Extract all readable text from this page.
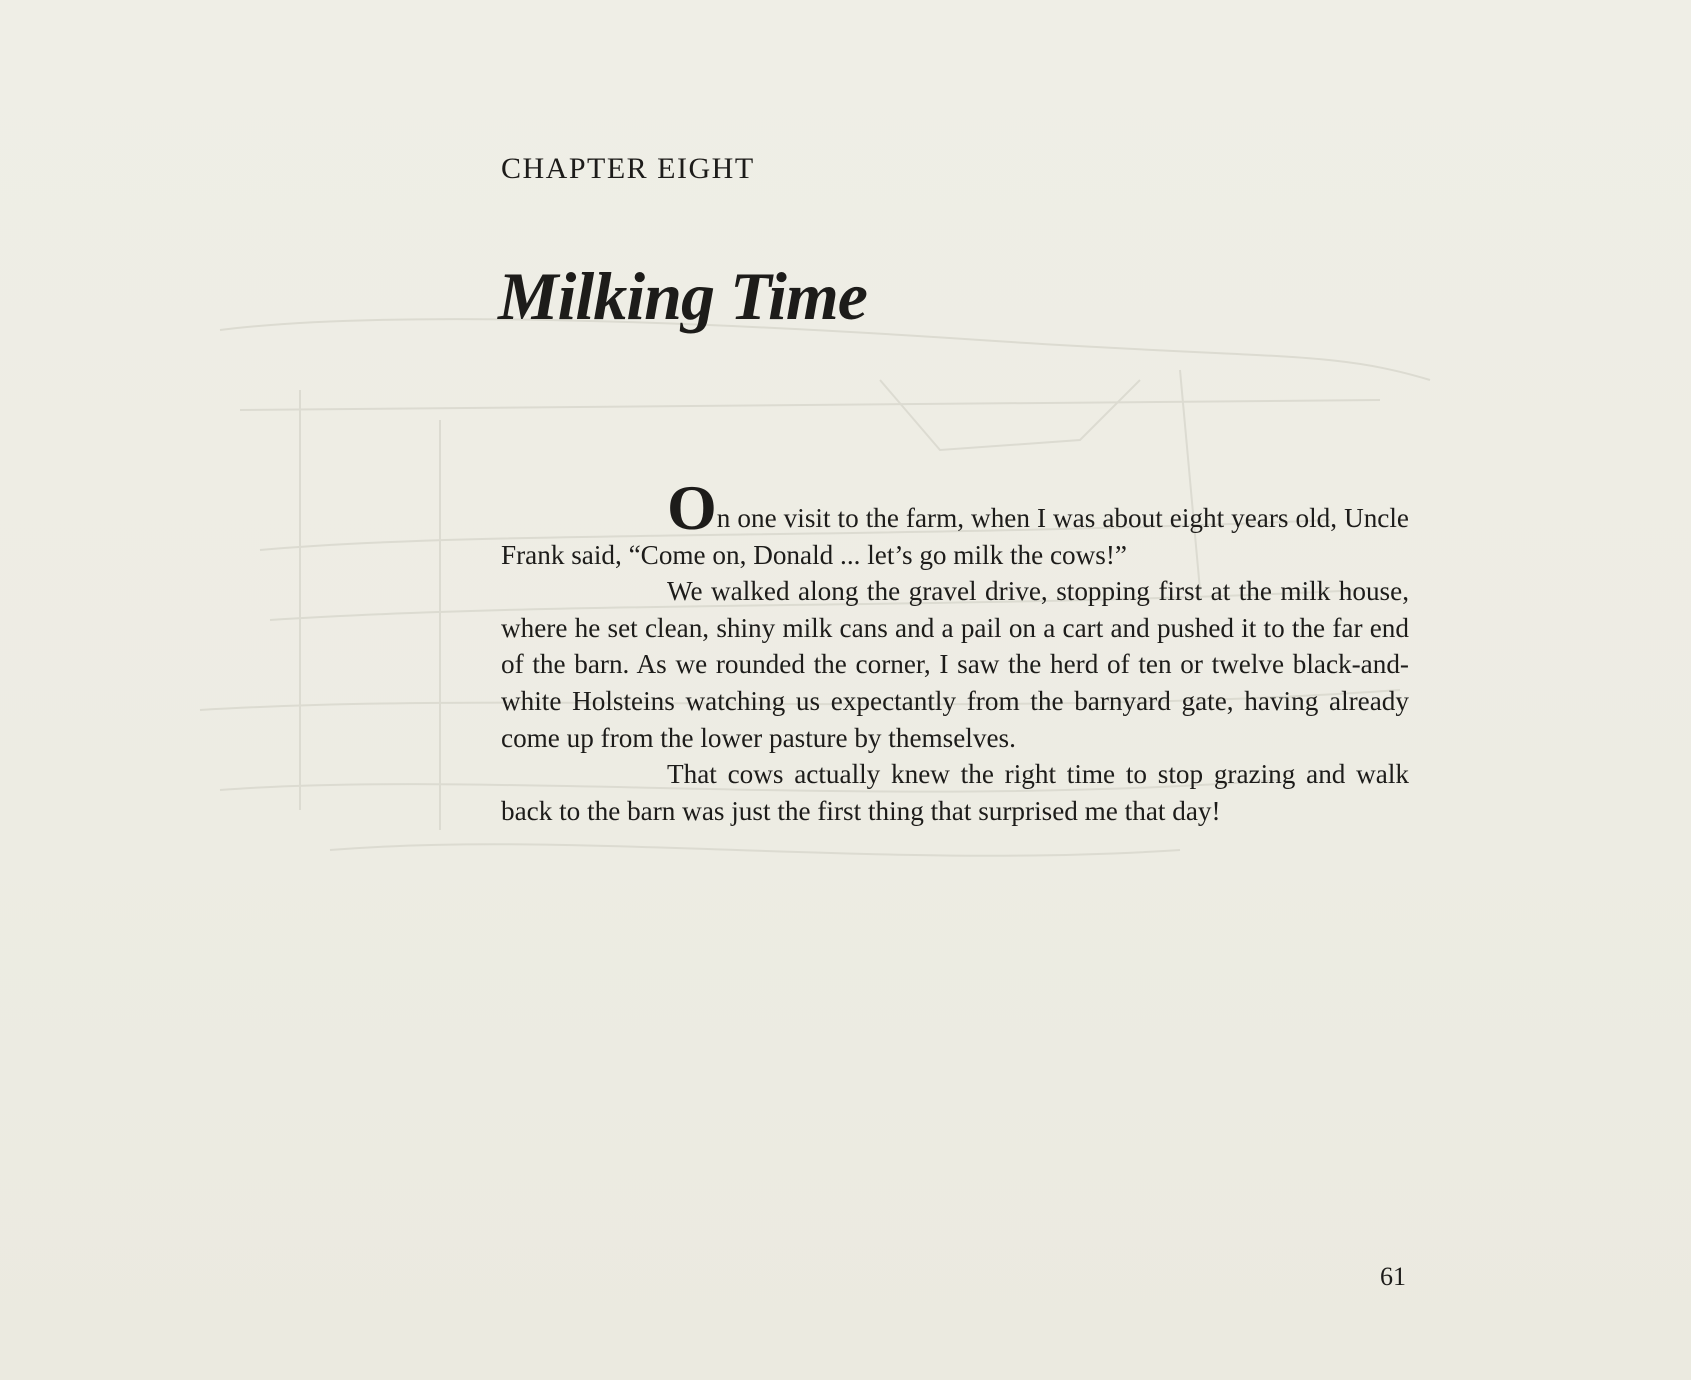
CHAPTER EIGHT
Milking Time

On one visit to the farm, when I was about eight years old, Uncle Frank said, “Come on, Donald ... let’s go milk the cows!”

We walked along the gravel drive, stopping first at the milk house, where he set clean, shiny milk cans and a pail on a cart and pushed it to the far end of the barn. As we rounded the corner, I saw the herd of ten or twelve black-and-white Holsteins watching us expectantly from the barnyard gate, having already come up from the lower pasture by themselves.

That cows actually knew the right time to stop grazing and walk back to the barn was just the first thing that surprised me that day!

61
